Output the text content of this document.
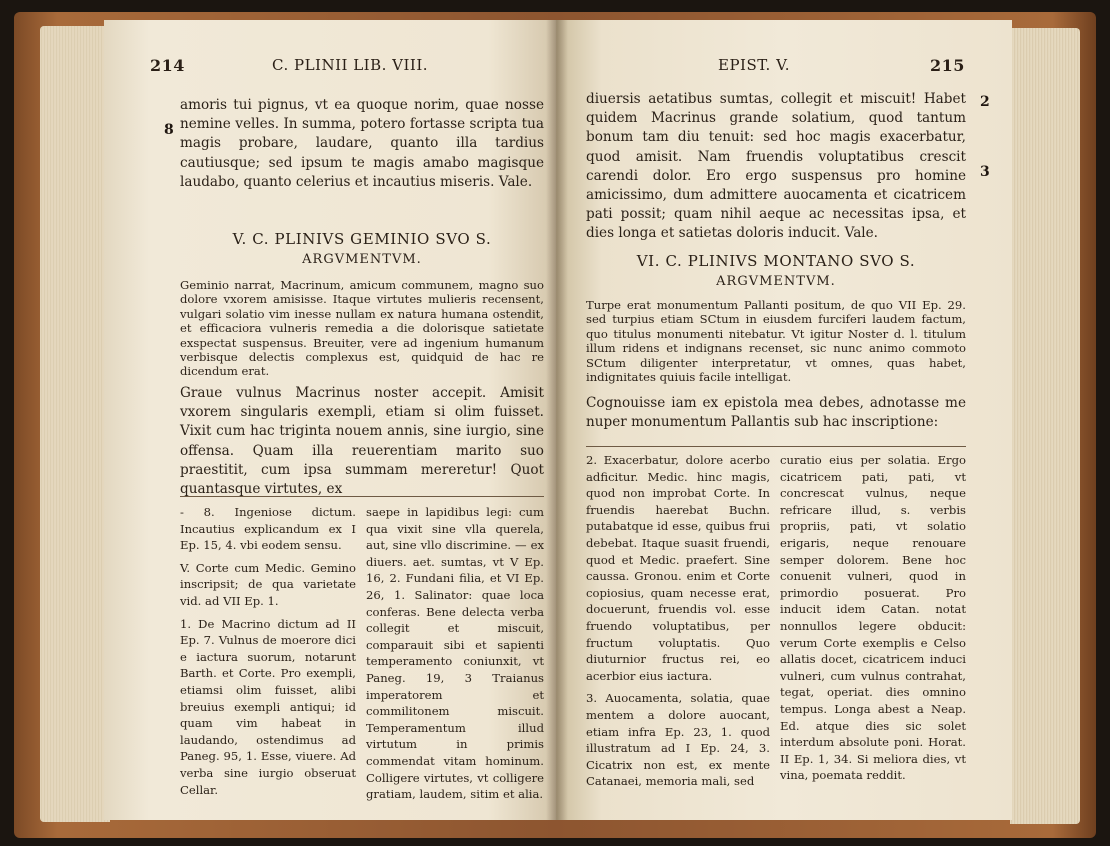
214	C. PLINII LIB. VIII.
8

amoris tui pignus, vt ea quoque norim, quae nosse nemine velles. In summa, potero fortasse scripta tua magis probare, laudare, quanto illa tardius cautiusque; sed ipsum te magis amabo magisque laudabo, quanto celerius et incautius miseris. Vale.

V. C. PLINIVS GEMINIO SVO S.

ARGVMENTVM.

Geminio narrat, Macrinum, amicum communem, magno suo dolore vxorem amisisse. Itaque virtutes mulieris recensent, vulgari solatio vim inesse nullam ex natura humana ostendit, et efficaciora vulneris remedia a die dolorisque satietate exspectat suspensus. Breuiter, vere ad ingenium humanum verbisque delectis complexus est, quidquid de hac re dicendum erat.

Graue vulnus Macrinus noster accepit. Amisit vxorem singularis exempli, etiam si olim fuisset. Vixit cum hac triginta nouem annis, sine iurgio, sine offensa. Quam illa reuerentiam marito suo praestitit, cum ipsa summam mereretur! Quot quantasque virtutes, ex

- 8. Ingeniose dictum. Incautius explicandum ex I Ep. 15, 4. vbi eodem sensu.

V. Corte cum Medic. Gemino inscripsit; de qua varietate vid. ad VII Ep. 1.

1. De Macrino dictum ad II Ep. 7. Vulnus de moerore dici e iactura suorum, notarunt Barth. et Corte. Pro exempli, etiamsi olim fuisset, alibi breuius exempli antiqui; id quam vim habeat in laudando, ostendimus ad Paneg. 95, 1. Esse, viuere. Ad verba sine iurgio obseruat Cellar.

saepe in lapidibus legi: cum qua vixit sine vlla querela, aut, sine vllo discrimine. — ex diuers. aet. sumtas, vt V Ep. 16, 2. Fundani filia, et VI Ep. 26, 1. Salinator: quae loca conferas. Bene delecta verba collegit et miscuit, comparauit sibi et sapienti temperamento coniunxit, vt Paneg. 19, 3 Traianus imperatorem et commilitonem miscuit. Temperamentum illud virtutum in primis commendat vitam hominum. Colligere virtutes, vt colligere gratiam, laudem, sitim et alia.

EPIST. V.	215
2
3

diuersis aetatibus sumtas, collegit et miscuit! Habet quidem Macrinus grande solatium, quod tantum bonum tam diu tenuit: sed hoc magis exacerbatur, quod amisit. Nam fruendis voluptatibus crescit carendi dolor. Ero ergo suspensus pro homine amicissimo, dum admittere auocamenta et cicatricem pati possit; quam nihil aeque ac necessitas ipsa, et dies longa et satietas doloris inducit. Vale.

VI. C. PLINIVS MONTANO SVO S.

ARGVMENTVM.

Turpe erat monumentum Pallanti positum, de quo VII Ep. 29. sed turpius etiam SCtum in eiusdem furciferi laudem factum, quo titulus monumenti nitebatur. Vt igitur Noster d. l. titulum illum ridens et indignans recenset, sic nunc animo commoto SCtum diligenter interpretatur, vt omnes, quas habet, indignitates quiuis facile intelligat.

Cognouisse iam ex epistola mea debes, adnotasse me nuper monumentum Pallantis sub hac inscriptione:

2. Exacerbatur, dolore acerbo adficitur. Medic. hinc magis, quod non improbat Corte. In fruendis haerebat Buchn. putabatque id esse, quibus frui debebat. Itaque suasit fruendi, quod et Medic. praefert. Sine caussa. Gronou. enim et Corte copiosius, quam necesse erat, docuerunt, fruendis vol. esse fruendo voluptatibus, per fructum voluptatis. Quo diuturnior fructus rei, eo acerbior eius iactura.

3. Auocamenta, solatia, quae mentem a dolore auocant, etiam infra Ep. 23, 1. quod illustratum ad I Ep. 24, 3. Cicatrix non est, ex mente Catanaei, memoria mali, sed

curatio eius per solatia. Ergo cicatricem pati, pati, vt concrescat vulnus, neque refricare illud, s. verbis propriis, pati, vt solatio erigaris, neque renouare semper dolorem. Bene hoc conuenit vulneri, quod in primordio posuerat. Pro inducit idem Catan. notat nonnullos legere obducit: verum Corte exemplis e Celso allatis docet, cicatricem induci vulneri, cum vulnus contrahat, tegat, operiat. dies omnino tempus. Longa abest a Neap. Ed. atque dies sic solet interdum absolute poni. Horat. II Ep. 1, 34. Si meliora dies, vt vina, poemata reddit.
